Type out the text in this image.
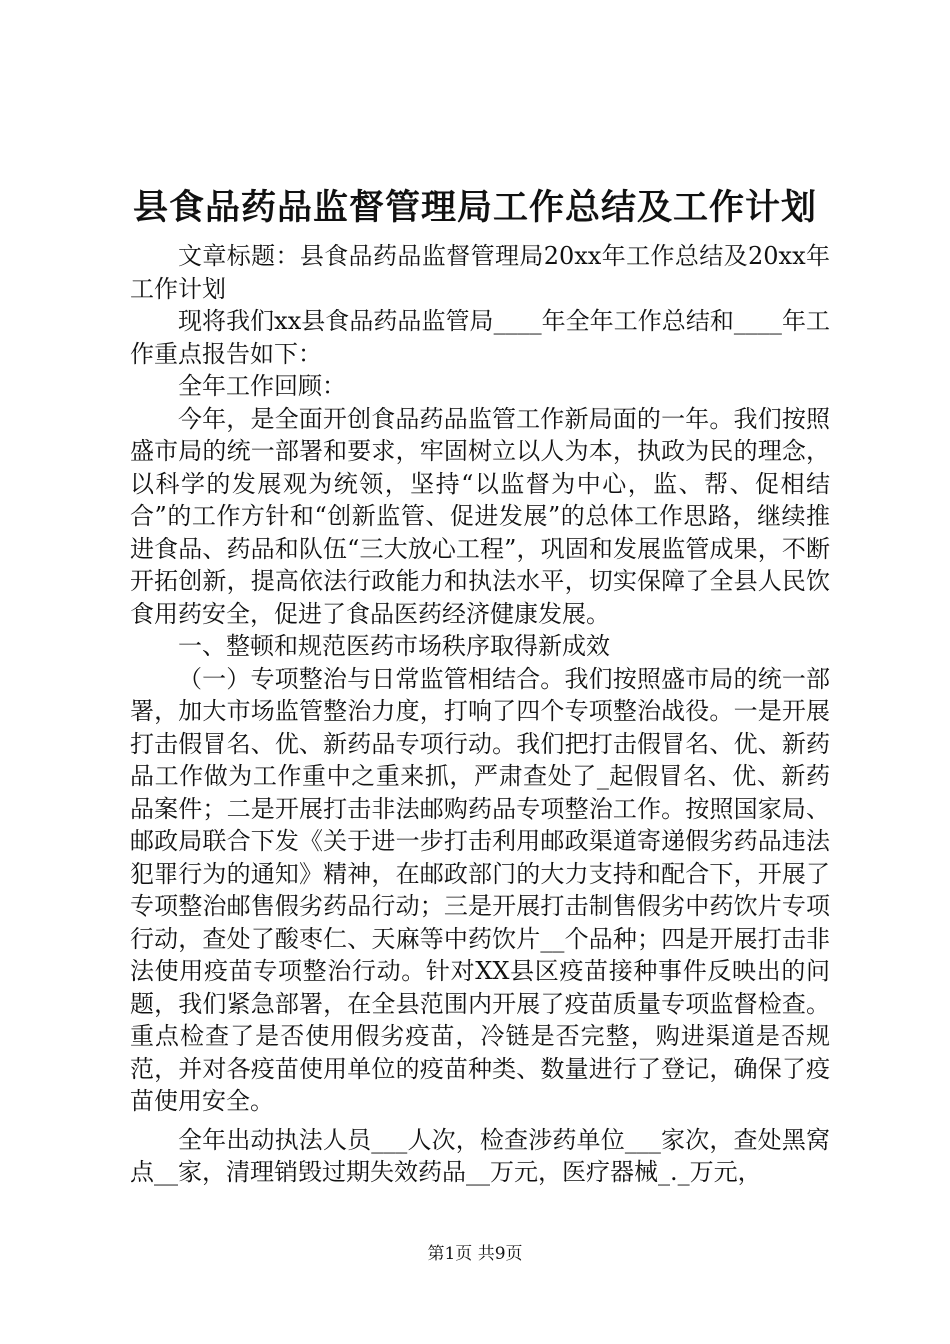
县食品药品监督管理局工作总结及工作计划

文章标题：县食品药品监督管理局20xx年工作总结及20xx年工作计划

现将我们xx县食品药品监管局____年全年工作总结和____年工作重点报告如下：

全年工作回顾：

今年，是全面开创食品药品监管工作新局面的一年。我们按照盛市局的统一部署和要求，牢固树立以人为本，执政为民的理念，以科学的发展观为统领，坚持“以监督为中心，监、帮、促相结合”的工作方针和“创新监管、促进发展”的总体工作思路，继续推进食品、药品和队伍“三大放心工程”，巩固和发展监管成果，不断开拓创新，提高依法行政能力和执法水平，切实保障了全县人民饮食用药安全，促进了食品医药经济健康发展。

一、整顿和规范医药市场秩序取得新成效

（一）专项整治与日常监管相结合。我们按照盛市局的统一部署，加大市场监管整治力度，打响了四个专项整治战役。一是开展打击假冒名、优、新药品专项行动。我们把打击假冒名、优、新药品工作做为工作重中之重来抓，严肃查处了_起假冒名、优、新药品案件；二是开展打击非法邮购药品专项整治工作。按照国家局、邮政局联合下发《关于进一步打击利用邮政渠道寄递假劣药品违法犯罪行为的通知》精神，在邮政部门的大力支持和配合下，开展了专项整治邮售假劣药品行动；三是开展打击制售假劣中药饮片专项行动，查处了酸枣仁、天麻等中药饮片__个品种；四是开展打击非法使用疫苗专项整治行动。针对XX县区疫苗接种事件反映出的问题，我们紧急部署，在全县范围内开展了疫苗质量专项监督检查。重点检查了是否使用假劣疫苗，冷链是否完整，购进渠道是否规范，并对各疫苗使用单位的疫苗种类、数量进行了登记，确保了疫苗使用安全。

全年出动执法人员___人次，检查涉药单位___家次，查处黑窝点__家，清理销毁过期失效药品__万元，医疗器械_._万元，

第1页 共9页
